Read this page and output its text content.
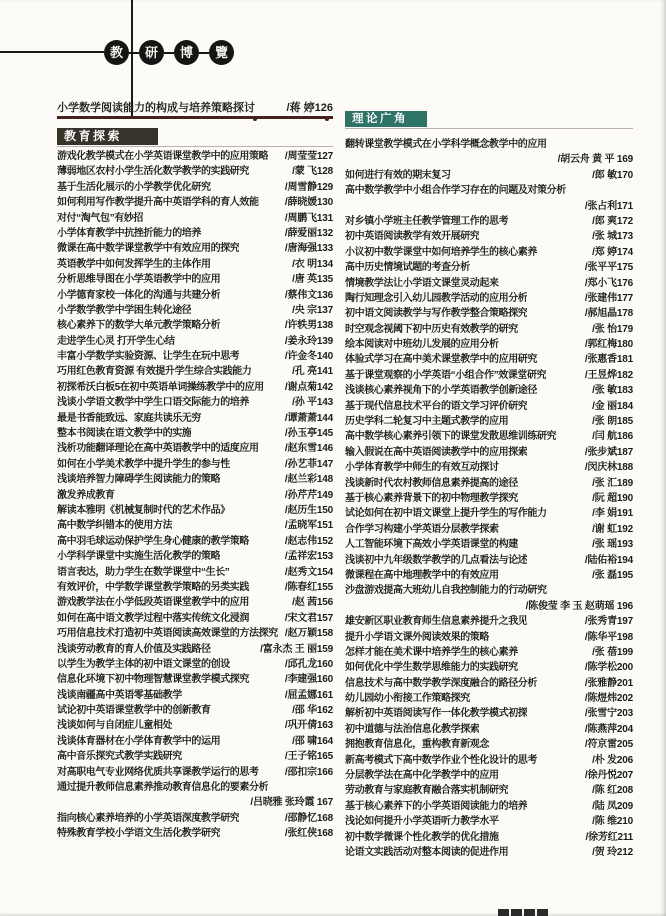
教	研	博	覽
小学数学阅读能力的构成与培养策略探讨	/蒋 婷126
教育探索
游戏化教学模式在小学英语课堂教学中的应用策略 /周莹莹127
薄弱地区农村小学生活化数学教学的实践研究	/蒙 飞128
基于生活化展示的小学教学优化研究	/周雪静129
如何利用写作教学提升高中英语学科的育人效能	/薛晓媛130
对付“淘气包”有妙招	/周鹏飞131
小学体育教学中抗挫折能力的培养	/薛爱丽132
微课在高中数学课堂教学中有效应用的探究	/唐海强133
英语教学中如何发挥学生的主体作用	/衣 明134
分析思维导图在小学英语教学中的应用	/唐 英135
小学德育家校一体化的沟通与共建分析	/蔡伟文136
小学数学教学中学困生转化途径	/央 宗137
核心素养下的数学大单元教学策略分析	/许轶男138
走进学生心灵 打开学生心结	/姜永玲139
丰富小学数学实验资源、让学生在玩中思考	/许金冬140
巧用红色教育资源 有效提升学生综合实践能力	/孔 亮141
初探希沃白板5在初中英语单词操练教学中的应用 /谢点菊142
浅谈小学语文教学中学生口语交际能力的培养	/孙 平143
最是书香能致远、家庭共读乐无穷	/谭萧萧144
整本书阅读在语文教学中的实施	/孙玉亭145
浅析功能翻译理论在高中英语教学中的适度应用	/赵东雪146
如何在小学美术教学中提升学生的参与性	/孙艺菲147
浅谈培养智力障碍学生阅读能力的策略	/赵兰彩148
激发养成教育	/孙芹芹149
解读本雅明《机械复制时代的艺术作品》	/赵历生150
高中数学纠错本的使用方法	/孟晓军151
高中羽毛球运动保护学生身心健康的教学策略	/赵志伟152
小学科学课堂中实施生活化教学的策略	/孟祥宏153
语言表达，助力学生在数学课堂中“生长”	/赵秀文154
有效评价，中学数学课堂教学策略的另类实践	/陈春红155
游戏教学法在小学低段英语课堂教学中的应用	/赵 茜156
如何在高中语文教学过程中落实传统文化浸润	/宋文君157
巧用信息技术打造初中英语阅读高效课堂的方法探究 /赵万颖158
浅谈劳动教育的育人价值及实践路径	/富永杰 王 丽159
以学生为教学主体的初中语文课堂的创设	/邱孔龙160
信息化环境下初中物理智慧课堂教学模式探究	/李建强160
浅谈南疆高中英语零基础教学	/屈孟娜161
试论初中英语课堂教学中的创新教育	/邵 华162
浅谈如何与自闭症儿童相处	/巩开倩163
浅谈体育器材在小学体育教学中的运用	/邵 啸164
高中音乐探究式教学实践研究	/王子铭165
对高职电气专业网络优质共享课教学运行的思考	/邵扣宗166
通过提升教师信息素养推动教育信息化的要素分析
/吕晓雅 张玲霞 167
指向核心素养培养的小学英语深度教学研究	/邵静忆168
特殊教育学校小学语文生活化教学研究	/张红侠168
理论广角
翻转课堂教学模式在小学科学概念教学中的应用
/胡云舟 黄 平 169
如何进行有效的期末复习	/郎 敏170
高中数学教学中小组合作学习存在的问题及对策分析
/张占利171
对乡镇小学班主任教学管理工作的思考	/郎 爽172
初中英语阅读教学有效开展研究	/张 城173
小议初中数学课堂中如何培养学生的核心素养	/郑 婷174
高中历史情境试题的考查分析	/张平平175
情境教学法让小学语文课堂灵动起来	/郑小飞176
陶行知理念引入幼儿园教学活动的应用分析	/张建伟177
初中语文阅读教学与写作教学整合策略探究	/郝旭晶178
时空观念视阈下初中历史有效教学的研究	/张 怡179
绘本阅读对中班幼儿发展的应用分析	/郭红梅180
体验式学习在高中美术课堂教学中的应用研究	/张惠香181
基于课堂观察的小学英语“小组合作”效课堂研究	/王昱烨182
浅谈核心素养视角下的小学英语教学创新途径	/张 敏183
基于现代信息技术平台的语文学习评价研究	/金 丽184
历史学科二轮复习中主题式教学的应用	/张 朗185
高中数学核心素养引领下的课堂发散思维训练研究	/闫 航186
输入假说在高中英语阅读教学中的应用探索	/张步斌187
小学体育教学中师生的有效互动探讨	/闵庆林188
浅谈新时代农村教师信息素养提高的途径	/张 汇189
基于核心素养背景下的初中物理教学探究	/阮 超190
试论如何在初中语文课堂上提升学生的写作能力	/李 娟191
合作学习构建小学英语分层教学探索	/谢 虹192
人工智能环境下高效小学英语课堂的构建	/张 瑶193
浅谈初中九年级数学教学的几点看法与论述	/陆佑裕194
微课程在高中地理教学中的有效应用	/张 磊195
沙盘游戏提高大班幼儿自我控制能力的行动研究
/陈俊莹 李 玉 赵萌瑶 196
雄安新区职业教育师生信息素养提升之我见	/张秀青197
提升小学语文课外阅读效果的策略	/陈华平198
怎样才能在美术课中培养学生的核心素养	/张 蓓199
如何优化中学生数学思维能力的实践研究	/陈学松200
信息技术与高中数学教学深度融合的路径分析	/张雅静201
幼儿园幼小衔接工作策略探究	/陈煜炜202
解析初中英语阅读写作一体化教学模式初探	/张雪宁203
初中道德与法治信息化教学探索	/陈燕萍204
拥抱教育信息化，重构教育新观念	/符京雷205
新高考模式下高中数学作业个性化设计的思考	/朴 发206
分层教学法在高中化学教学中的应用	/徐丹悦207
劳动教育与家庭教育融合落实机制研究	/陈 红208
基于核心素养下的小学英语阅读能力的培养	/陆 凤209
浅论如何提升小学英语听力教学水平	/陈 维210
初中数学微课个性化教学的优化措施	/徐芳红211
论语文实践活动对整本阅读的促进作用	/贺 玲212
